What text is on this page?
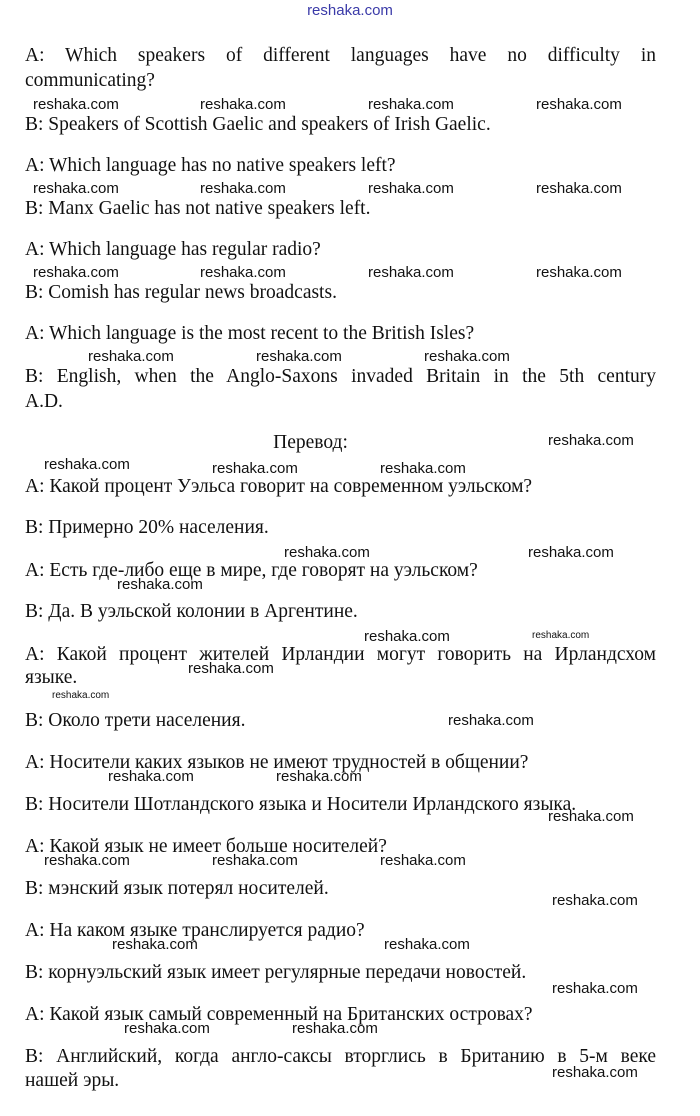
reshaka.com
A: Which speakers of different languages have no difficulty in
communicating?
B: Speakers of Scottish Gaelic and speakers of Irish Gaelic.
A: Which language has no native speakers left?
B: Manx Gaelic has not native speakers left.
A: Which language has regular radio?
B: Comish has regular news broadcasts.
A: Which language is the most recent to the British Isles?
B: English, when the Anglo-Saxons invaded Britain in the 5th century
A.D.
Перевод:
A: Какой процент Уэльса говорит на современном уэльском?
B: Примерно 20% населения.
A: Есть где-либо еще в мире, где говорят на уэльском?
B: Да. В уэльской колонии в Аргентине.
A: Какой процент жителей Ирландии могут говорить на Ирландсхом
языке.
B: Около трети населения.
A: Носители каких языков не имеют трудностей в общении?
B: Носители Шотландского языка и Носители Ирландского языка.
A: Какой язык не имеет больше носителей?
B: мэнский язык потерял носителей.
A: На каком языке транслируется радио?
B: корнуэльский язык имеет регулярные передачи новостей.
A: Какой язык самый современный на Британских островах?
B: Английский, когда англо-саксы вторглись в Британию в 5-м веке
нашей эры.
reshaka.com	reshaka.com	reshaka.com	reshaka.com
reshaka.com	reshaka.com	reshaka.com	reshaka.com
reshaka.com	reshaka.com	reshaka.com	reshaka.com
reshaka.com	reshaka.com	reshaka.com
reshaka.com
reshaka.com	reshaka.com	reshaka.com
reshaka.com	reshaka.com
reshaka.com
reshaka.com	reshaka.com
reshaka.com
reshaka.com
reshaka.com
reshaka.com	reshaka.com
reshaka.com
reshaka.com	reshaka.com	reshaka.com
reshaka.com
reshaka.com	reshaka.com
reshaka.com
reshaka.com	reshaka.com
reshaka.com
